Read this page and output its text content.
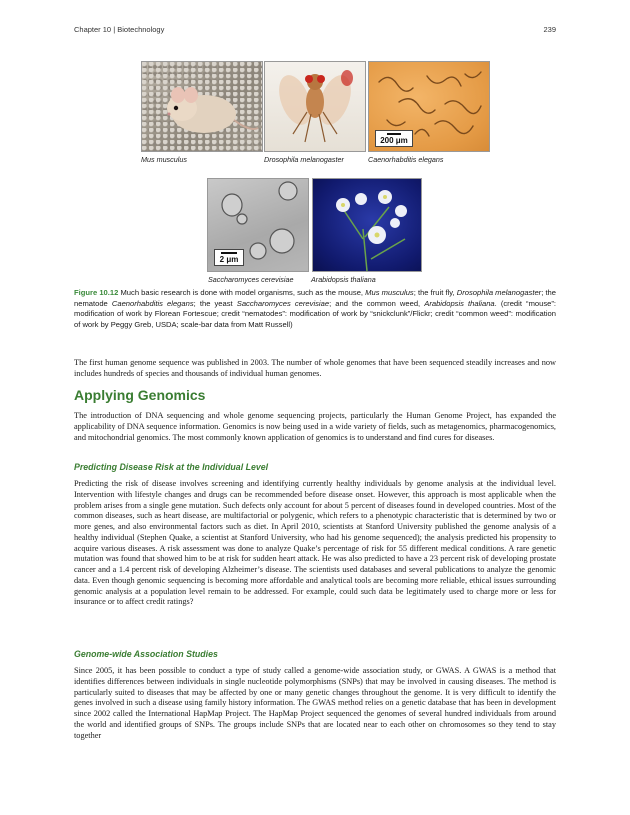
Chapter 10 | Biotechnology	239
Mus musculus	Drosophila melanogaster
200 μm
Caenorhabditis elegans
2 μm
Saccharomyces cerevisiae Arabidopsis thaliana

Figure 10.12 Much basic research is done with model organisms, such as the mouse, Mus musculus; the fruit fly, Drosophila melanogaster; the nematode Caenorhabditis elegans; the yeast Saccharomyces cerevisiae; and the common weed, Arabidopsis thaliana. (credit “mouse”: modification of work by Florean Fortescue; credit “nematodes”: modification of work by “snickclunk”/Flickr; credit “common weed”: modification of work by Peggy Greb, USDA; scale-bar data from Matt Russell)

The first human genome sequence was published in 2003. The number of whole genomes that have been sequenced steadily increases and now includes hundreds of species and thousands of individual human genomes.

Applying Genomics

The introduction of DNA sequencing and whole genome sequencing projects, particularly the Human Genome Project, has expanded the applicability of DNA sequence information. Genomics is now being used in a wide variety of fields, such as metagenomics, pharmacogenomics, and mitochondrial genomics. The most commonly known application of genomics is to understand and find cures for diseases.

Predicting Disease Risk at the Individual Level

Predicting the risk of disease involves screening and identifying currently healthy individuals by genome analysis at the individual level. Intervention with lifestyle changes and drugs can be recommended before disease onset. However, this approach is most applicable when the problem arises from a single gene mutation. Such defects only account for about 5 percent of diseases found in developed countries. Most of the common diseases, such as heart disease, are multifactorial or polygenic, which refers to a phenotypic characteristic that is determined by two or more genes, and also environmental factors such as diet. In April 2010, scientists at Stanford University published the genome analysis of a healthy individual (Stephen Quake, a scientist at Stanford University, who had his genome sequenced); the analysis predicted his propensity to acquire various diseases. A risk assessment was done to analyze Quake’s percentage of risk for 55 different medical conditions. A rare genetic mutation was found that showed him to be at risk for sudden heart attack. He was also predicted to have a 23 percent risk of developing prostate cancer and a 1.4 percent risk of developing Alzheimer’s disease. The scientists used databases and several publications to analyze the genomic data. Even though genomic sequencing is becoming more affordable and analytical tools are becoming more reliable, ethical issues surrounding genomic analysis at a population level remain to be addressed. For example, could such data be legitimately used to charge more or less for insurance or to affect credit ratings?

Genome-wide Association Studies

Since 2005, it has been possible to conduct a type of study called a genome-wide association study, or GWAS. A GWAS is a method that identifies differences between individuals in single nucleotide polymorphisms (SNPs) that may be involved in causing diseases. The method is particularly suited to diseases that may be affected by one or many genetic changes throughout the genome. It is very difficult to identify the genes involved in such a disease using family history information. The GWAS method relies on a genetic database that has been in development since 2002 called the International HapMap Project. The HapMap Project sequenced the genomes of several hundred individuals from around the world and identified groups of SNPs. The groups include SNPs that are located near to each other on chromosomes so they tend to stay together
